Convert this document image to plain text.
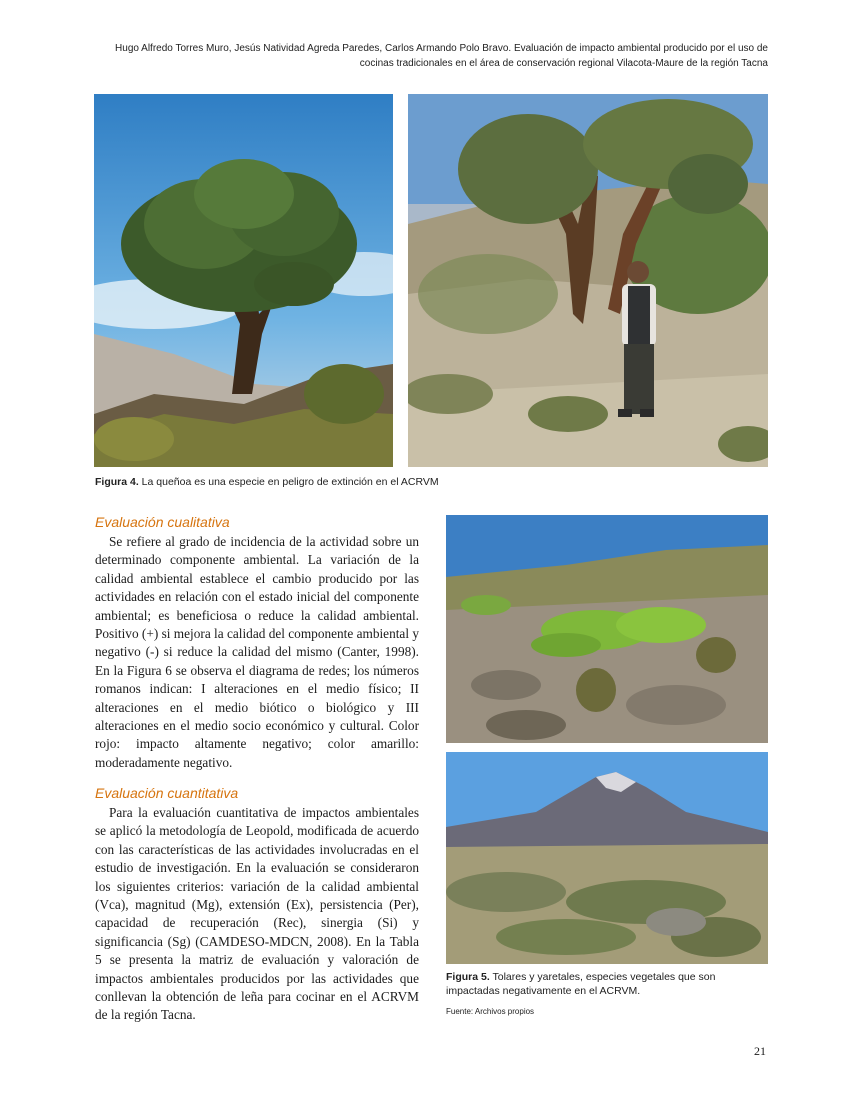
Hugo Alfredo Torres Muro, Jesús Natividad Agreda Paredes, Carlos Armando Polo Bravo. Evaluación de impacto ambiental producido por el uso de
cocinas tradicionales en el área de conservación regional Vilacota-Maure de la región Tacna
Figura 4. La queñoa es una especie en peligro de extinción en el ACRVM
Evaluación cualitativa
Se refiere al grado de incidencia de la actividad sobre un determinado componente ambiental. La variación de la calidad ambiental establece el cambio producido por las actividades en relación con el estado inicial del componente ambiental; es beneficiosa o reduce la calidad ambiental. Positivo (+) si mejora la calidad del componente ambiental y negativo (-) si reduce la calidad del mismo (Canter, 1998). En la Figura 6 se observa el diagrama de redes; los números romanos indican: I alteraciones en el medio físico; II alteraciones en el medio biótico o biológico y III alteraciones en el medio socio económico y cultural. Color rojo: impacto altamente negativo; color amarillo: moderadamente negativo.
Evaluación cuantitativa
Para la evaluación cuantitativa de impactos ambientales se aplicó la metodología de Leopold, modificada de acuerdo con las características de las actividades involucradas en el estudio de investigación. En la evaluación se consideraron los siguientes criterios: variación de la calidad ambiental (Vca), magnitud (Mg), extensión (Ex), persistencia (Per), capacidad de recuperación (Rec), sinergia (Si) y significancia (Sg) (CAMDESO-MDCN, 2008). En la Tabla 5 se presenta la matriz de evaluación y valoración de impactos ambientales producidos por las actividades que conllevan la obtención de leña para cocinar en el ACRVM de la región Tacna.
Figura 5. Tolares y yaretales, especies vegetales que son impactadas negativamente en el ACRVM.
Fuente: Archivos propios
21
